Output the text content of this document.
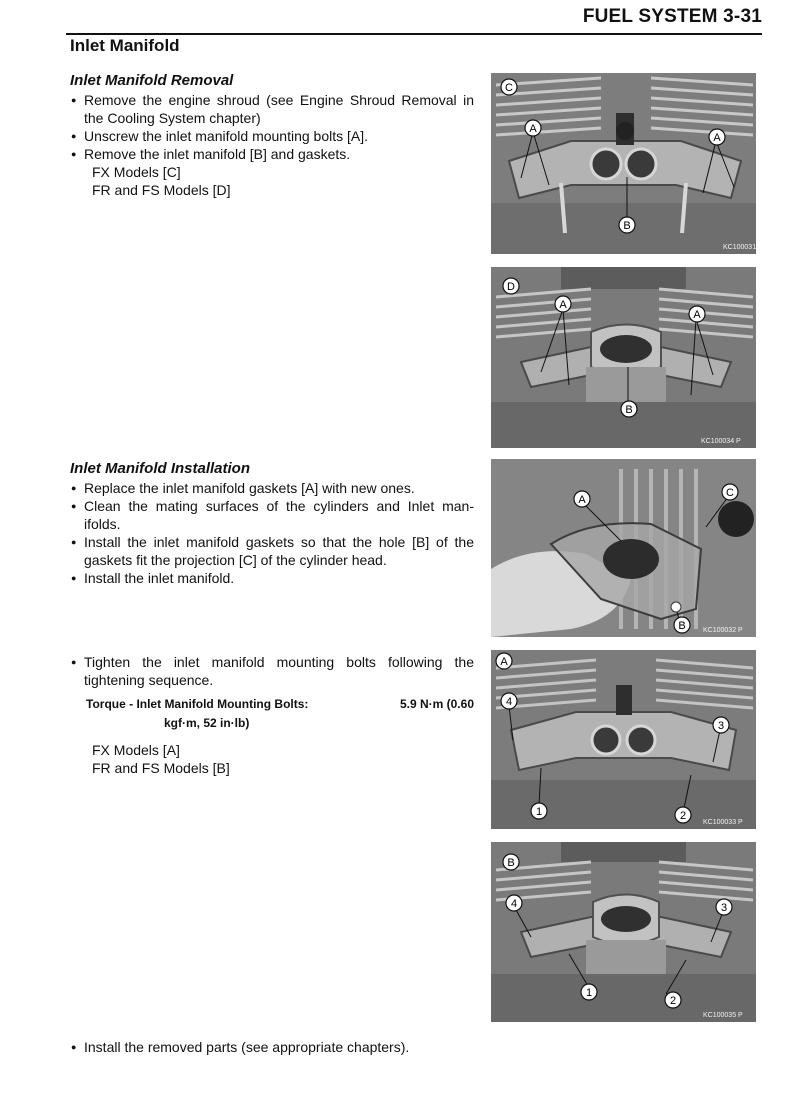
FUEL SYSTEM 3-31
Inlet Manifold
Inlet Manifold Removal
● Remove the engine shroud (see Engine Shroud Removal in the Cooling System chapter)
● Unscrew the inlet manifold mounting bolts [A].
● Remove the inlet manifold [B] and gaskets.
FX Models [C]
FR and FS Models [D]
Inlet Manifold Installation
● Replace the inlet manifold gaskets [A] with new ones.
● Clean the mating surfaces of the cylinders and Inlet man-ifolds.
● Install the inlet manifold gaskets so that the hole [B] of the gaskets fit the projection [C] of the cylinder head.
● Install the inlet manifold.
● Tighten the inlet manifold mounting bolts following the tightening sequence.
Torque - Inlet Manifold Mounting Bolts:	5.9 N·m (0.60
kgf·m, 52 in·lb)
FX Models [A]
FR and FS Models [B]
● Install the removed parts (see appropriate chapters).
C
A
A
B
KC100031
D
A
A
B
KC100034 P
A
C
B KC100032 P
A
4
3
1	2
KC100033 P
B
4	3
1
2
KC100035 P
